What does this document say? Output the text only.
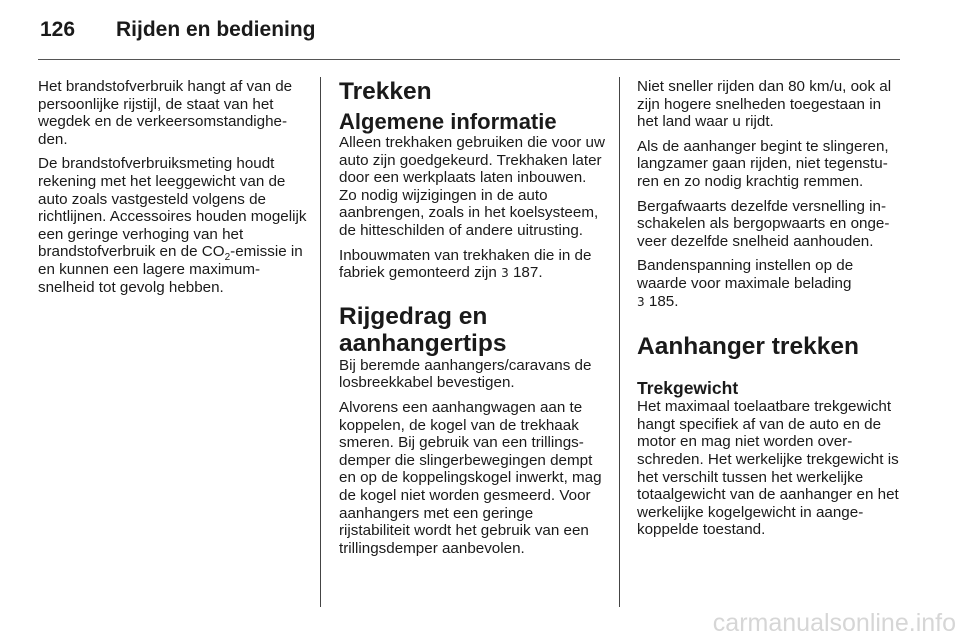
126 Rijden en bediening

Het brandstofverbruik hangt af van de persoonlijke rijstijl, de staat van het wegdek en de verkeersomstandigheden.

De brandstofverbruiksmeting houdt rekening met het leeggewicht van de auto zoals vastgesteld volgens de richtlijnen. Accessoires houden mogelijk een geringe verhoging van het brandstofverbruik en de $CO_2$-emissie in en kunnen een lagere maximumsnelheid tot gevolg hebben.

Trekken
Algemene informatie

Alleen trekhaken gebruiken die voor uw auto zijn goedgekeurd. Trekhaken later door een werkplaats laten inbouwen. Zo nodig wijzigingen in de auto aanbrengen, zoals in het koelsysteem, de hitteschilden of andere uitrusting.

Inbouwmaten van trekhaken die in de fabriek gemonteerd zijn 3 187.

Rijgedrag en aanhangertips

Bij beremde aanhangers/caravans de losbreekkabel bevestigen.

Alvorens een aanhangwagen aan te koppelen, de kogel van de trekhaak smeren. Bij gebruik van een trillingsdemper die slingerbewegingen dempt en op de koppelingskogel inwerkt, mag de kogel niet worden gesmeerd. Voor aanhangers met een geringe rijstabiliteit wordt het gebruik van een trillingsdemper aanbevolen.

Niet sneller rijden dan 80 km/u, ook al zijn hogere snelheden toegestaan in het land waar u rijdt.

Als de aanhanger begint te slingeren, langzamer gaan rijden, niet tegensturen en zo nodig krachtig remmen.

Bergafwaarts dezelfde versnelling inschakelen als bergopwaarts en ongeveer dezelfde snelheid aanhouden.

Bandenspanning instellen op de waarde voor maximale belading
3 185.

Aanhanger trekken
Trekgewicht

Het maximaal toelaatbare trekgewicht hangt specifiek af van de auto en de motor en mag niet worden overschreden. Het werkelijke trekgewicht is het verschilt tussen het werkelijke totaalgewicht van de aanhanger en het werkelijke kogelgewicht in aangekoppelde toestand.

carmanualsonline.info
